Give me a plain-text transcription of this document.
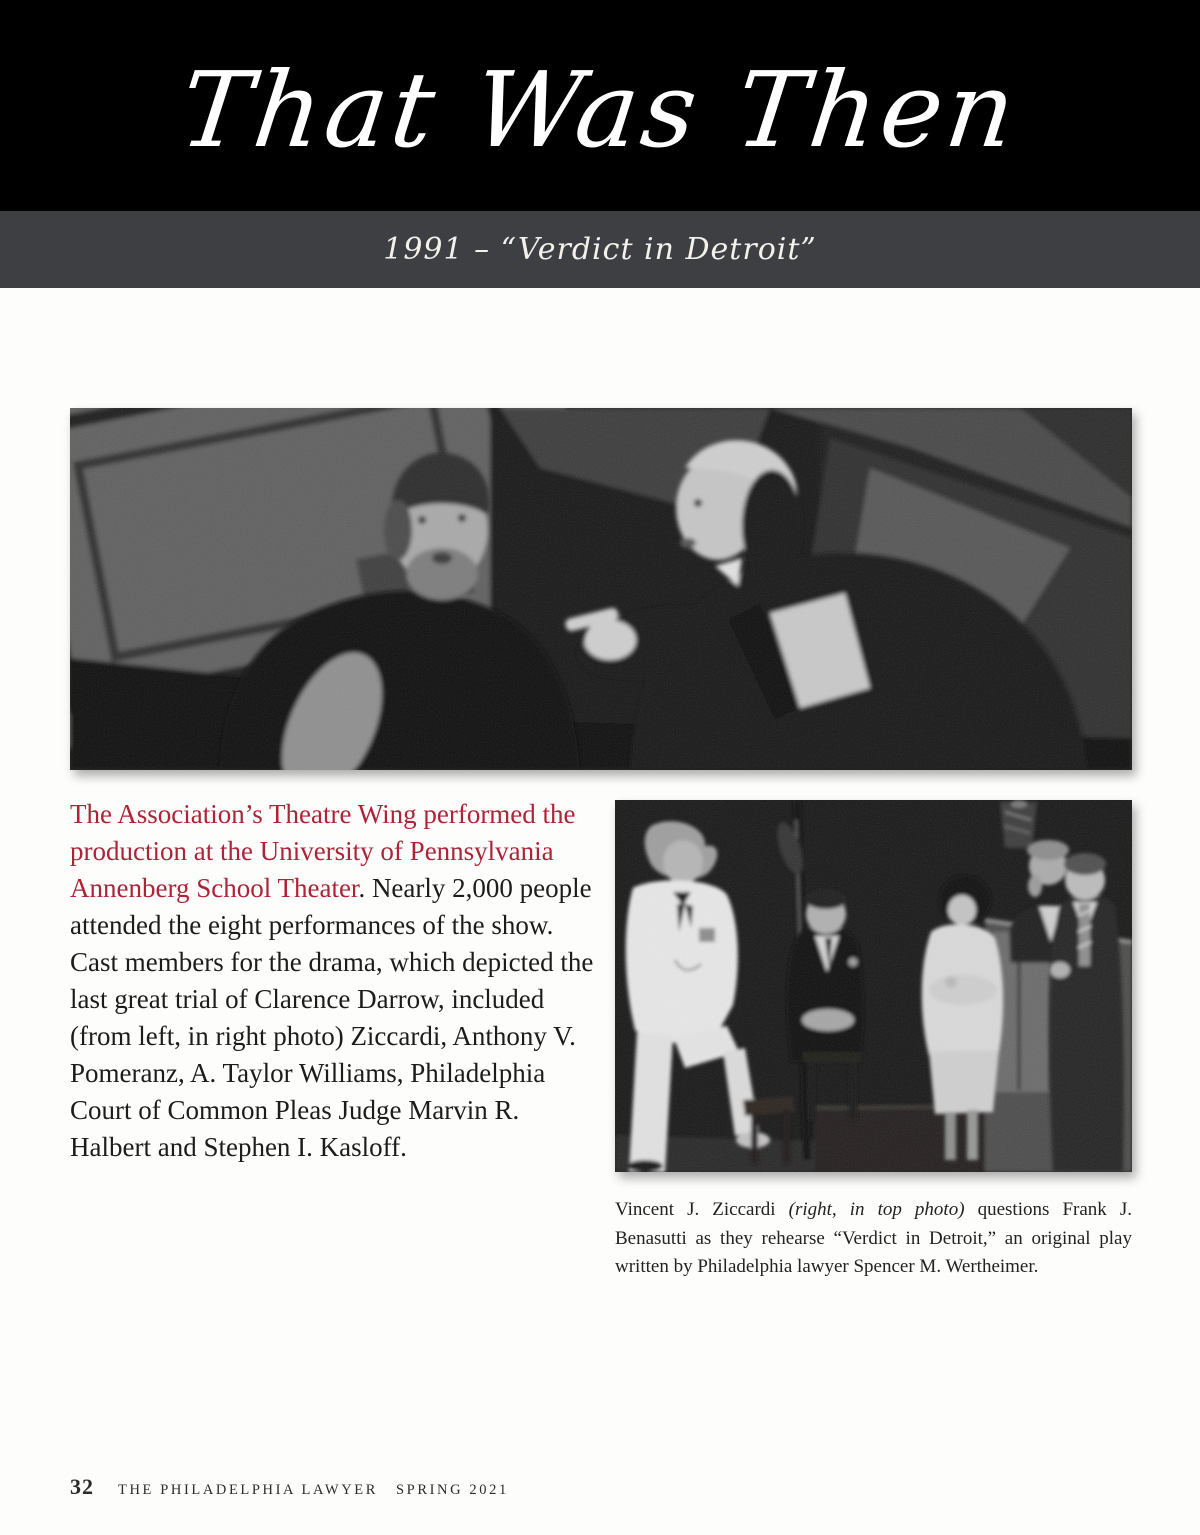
That Was Then
1991 – “Verdict in Detroit”
The Association’s Theatre Wing performed the production at the University of Pennsylvania Annenberg School Theater. Nearly 2,000 people attended the eight performances of the show. Cast members for the drama, which depicted the last great trial of Clarence Darrow, included (from left, in right photo) Ziccardi, Anthony V. Pomeranz, A. Taylor Williams, Philadelphia Court of Common Pleas Judge Marvin R. Halbert and Stephen I. Kasloff.

Vincent J. Ziccardi (right, in top photo) questions Frank J. Benasutti as they rehearse “Verdict in Detroit,” an original play written by Philadelphia lawyer Spencer M. Wertheimer.

32 THE PHILADELPHIA LAWYER SPRING 2021
